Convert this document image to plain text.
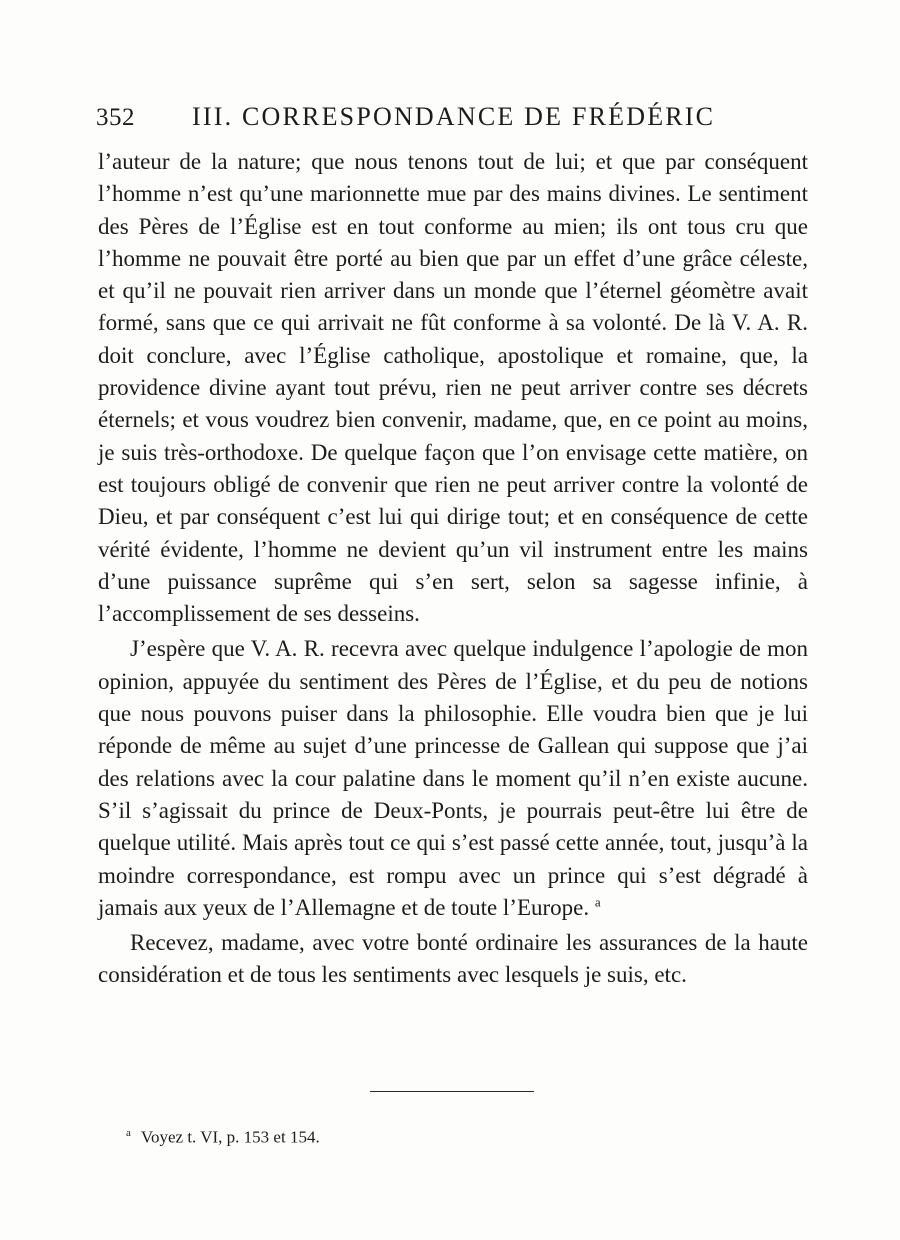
352 III. CORRESPONDANCE DE FRÉDÉRIC

l’auteur de la nature; que nous tenons tout de lui; et que par conséquent l’homme n’est qu’une marionnette mue par des mains divines. Le sentiment des Pères de l’Église est en tout conforme au mien; ils ont tous cru que l’homme ne pouvait être porté au bien que par un effet d’une grâce céleste, et qu’il ne pouvait rien arriver dans un monde que l’éternel géomètre avait formé, sans que ce qui arrivait ne fût conforme à sa volonté. De là V. A. R. doit conclure, avec l’Église catholique, apostolique et romaine, que, la providence divine ayant tout prévu, rien ne peut arriver contre ses décrets éternels; et vous voudrez bien convenir, madame, que, en ce point au moins, je suis très-orthodoxe. De quelque façon que l’on envisage cette matière, on est toujours obligé de convenir que rien ne peut arriver contre la volonté de Dieu, et par conséquent c’est lui qui dirige tout; et en conséquence de cette vérité évidente, l’homme ne devient qu’un vil instrument entre les mains d’une puissance suprême qui s’en sert, selon sa sagesse infinie, à l’accomplissement de ses desseins.

J’espère que V. A. R. recevra avec quelque indulgence l’apologie de mon opinion, appuyée du sentiment des Pères de l’Église, et du peu de notions que nous pouvons puiser dans la philosophie. Elle voudra bien que je lui réponde de même au sujet d’une princesse de Gallean qui suppose que j’ai des relations avec la cour palatine dans le moment qu’il n’en existe aucune. S’il s’agissait du prince de Deux-Ponts, je pourrais peut-être lui être de quelque utilité. Mais après tout ce qui s’est passé cette année, tout, jusqu’à la moindre correspondance, est rompu avec un prince qui s’est dégradé à jamais aux yeux de l’Allemagne et de toute l’Europe. $^a$

Recevez, madame, avec votre bonté ordinaire les assurances de la haute considération et de tous les sentiments avec lesquels je suis, etc.

$^a$ Voyez t. VI, p. 153 et 154.
